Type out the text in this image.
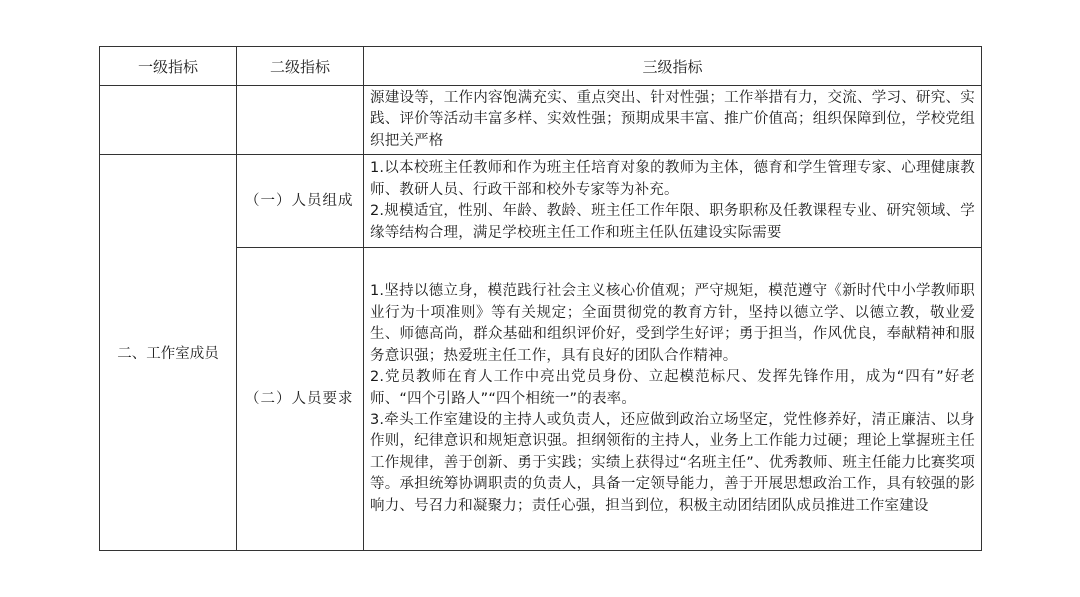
一级指标	二级指标	三级指标

		源建设等，工作内容饱满充实、重点突出、针对性强；工作举措有力，交流、学习、研究、实践、评价等活动丰富多样、实效性强；预期成果丰富、推广价值高；组织保障到位，学校党组织把关严格

二、工作室成员	（一）人员组成	1.以本校班主任教师和作为班主任培育对象的教师为主体，德育和学生管理专家、心理健康教师、教研人员、行政干部和校外专家等为补充。
2.规模适宜，性别、年龄、教龄、班主任工作年限、职务职称及任教课程专业、研究领域、学缘等结构合理，满足学校班主任工作和班主任队伍建设实际需要

	（二）人员要求	1.坚持以德立身，模范践行社会主义核心价值观；严守规矩，模范遵守《新时代中小学教师职业行为十项准则》等有关规定；全面贯彻党的教育方针，坚持以德立学、以德立教，敬业爱生、师德高尚，群众基础和组织评价好，受到学生好评；勇于担当，作风优良，奉献精神和服务意识强；热爱班主任工作，具有良好的团队合作精神。
2.党员教师在育人工作中亮出党员身份、立起模范标尺、发挥先锋作用，成为“四有”好老师、“四个引路人”“四个相统一”的表率。
3.牵头工作室建设的主持人或负责人，还应做到政治立场坚定，党性修养好，清正廉洁、以身作则，纪律意识和规矩意识强。担纲领衔的主持人，业务上工作能力过硬；理论上掌握班主任工作规律，善于创新、勇于实践；实绩上获得过“名班主任”、优秀教师、班主任能力比赛奖项等。承担统筹协调职责的负责人，具备一定领导能力，善于开展思想政治工作，具有较强的影响力、号召力和凝聚力；责任心强，担当到位，积极主动团结团队成员推进工作室建设
